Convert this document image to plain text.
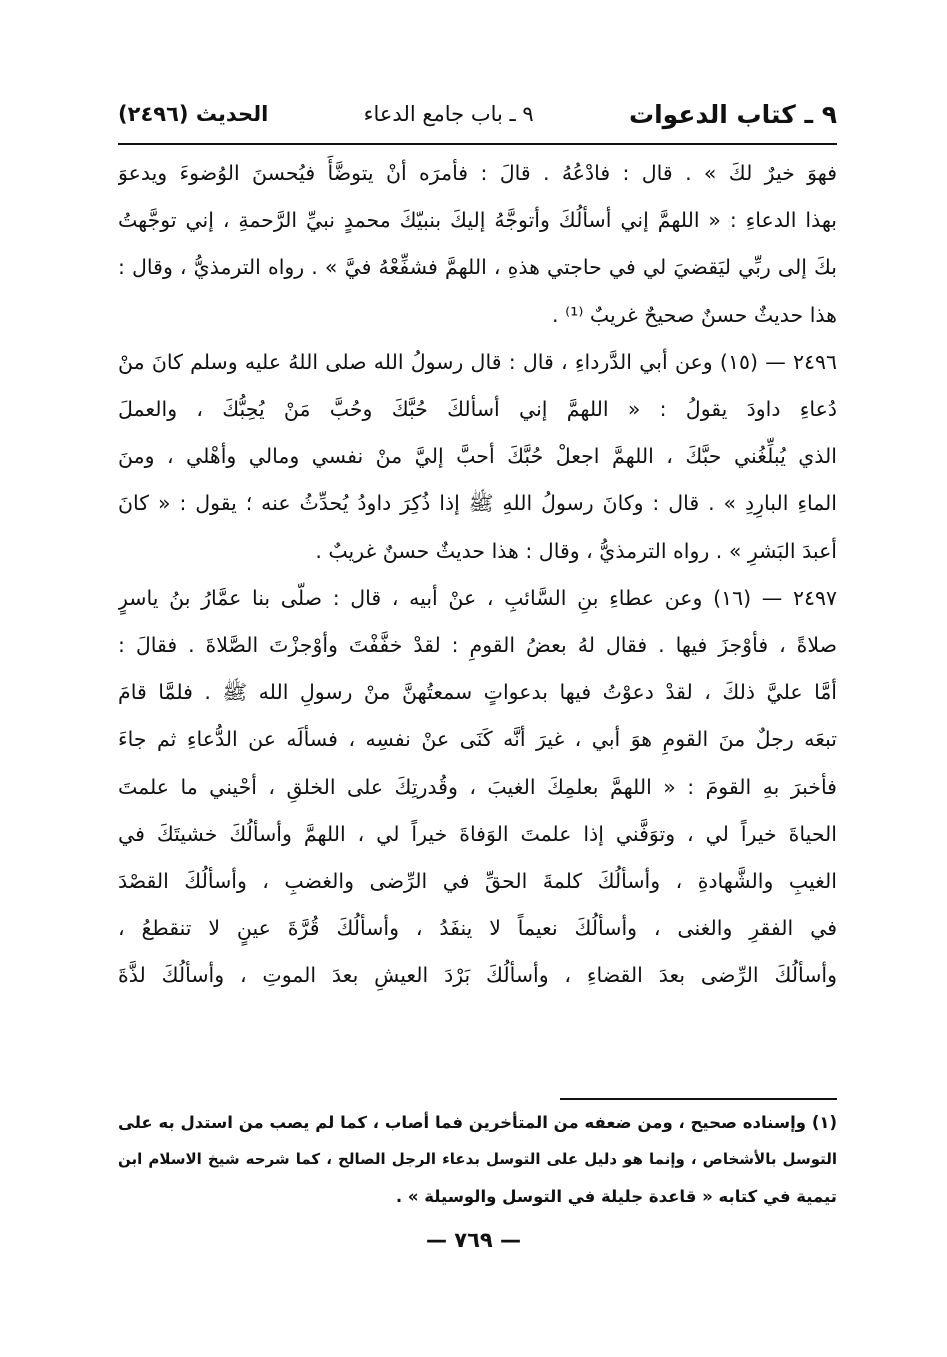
٩ ـ كتاب الدعوات
٩ ـ باب جامع الدعاء
الحديث (٢٤٩٦)
فهوَ خيرٌ لكَ » . قال : فادْعُهُ . قالَ : فأمرَه أنْ يتوضَّأَ فيُحسنَ الوُضوءَ ويدعوَ
بهذا الدعاءِ : « اللهمَّ إني أسألُكَ وأتوجَّهُ إليكَ بنبيّكَ محمدٍ نبيِّ الرَّحمةِ ، إني توجَّهتُ
بكَ إلى ربِّي ليَقضيَ لي في حاجتي هذهِ ، اللهمَّ فشفِّعْهُ فيَّ » . رواه الترمذيُّ ، وقال :
هذا حديثٌ حسنٌ صحيحٌ غريبٌ ⁽¹⁾ .
٢٤٩٦ — (١٥) وعن أبي الدَّرداءِ ، قال : قال رسولُ الله صلى اللهُ عليه وسلم كانَ منْ
دُعاءِ داودَ يقولُ : « اللهمَّ إني أسألكَ حُبَّكَ وحُبَّ مَنْ يُحِبُّكَ ، والعملَ
الذي يُبلِّغُني حبَّكَ ، اللهمَّ اجعلْ حُبَّكَ أحبَّ إليَّ منْ نفسي ومالي وأهْلي ، ومنَ
الماءِ البارِدِ » . قال : وكانَ رسولُ اللهِ ﷺ إذا ذُكِرَ داودُ يُحدِّثُ عنه ؛ يقول : « كانَ
أعبدَ البَشرِ » . رواه الترمذيُّ ، وقال : هذا حديثٌ حسنٌ غريبٌ .
٢٤٩٧ — (١٦) وعن عطاءِ بنِ السَّائبِ ، عنْ أبيه ، قال : صلّى بنا عمَّارُ بنُ ياسرٍ
صلاةً ، فأوْجزَ فيها . فقال لهُ بعضُ القومِ : لقدْ خفَّفْتَ وأوْجزْتَ الصَّلاةَ . فقالَ :
أمَّا عليَّ ذلكَ ، لقدْ دعوْتُ فيها بدعواتٍ سمعتُهنَّ منْ رسولِ الله ﷺ . فلمَّا قامَ
تبعَه رجلٌ منَ القومِ هوَ أبي ، غيرَ أنَّه كَنَى عنْ نفسِه ، فسألَه عن الدُّعاءِ ثم جاءَ
فأخبرَ بهِ القومَ : « اللهمَّ بعلمِكَ الغيبَ ، وقُدرتِكَ على الخلقِ ، أحْيني ما علمتَ
الحياةَ خيراً لي ، وتوَفَّني إذا علمتَ الوَفاةَ خيراً لي ، اللهمَّ وأسألُكَ خشيتَكَ في
الغيبِ والشَّهادةِ ، وأسألُكَ كلمةَ الحقِّ في الرِّضى والغضبِ ، وأسألُكَ القصْدَ
في الفقرِ والغنى ، وأسألُكَ نعيماً لا ينفَدُ ، وأسألُكَ قُرَّةَ عينٍ لا تنقطعُ ،
وأسألُكَ الرِّضى بعدَ القضاءِ ، وأسألُكَ بَرْدَ العيشِ بعدَ الموتِ ، وأسألُكَ لذَّةَ
(١) وإسناده صحيح ، ومن ضعفه من المتأخرين فما أصاب ، كما لم يصب من استدل به على
التوسل بالأشخاص ، وإنما هو دليل على التوسل بدعاء الرجل الصالح ، كما شرحه شيخ الاسلام ابن
تيمية في كتابه « قاعدة جليلة في التوسل والوسيلة » .
— ٧٦٩ —
